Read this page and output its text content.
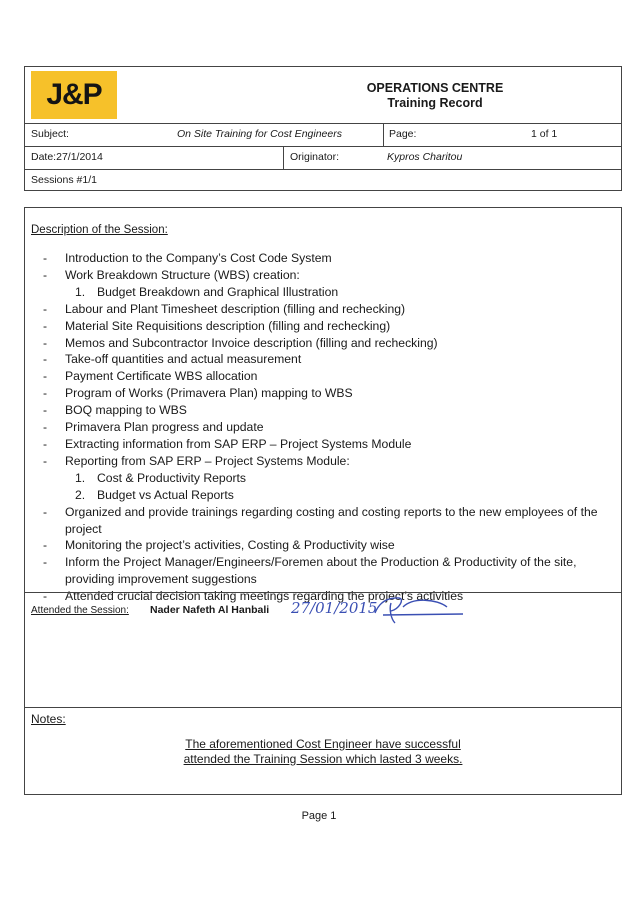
J&P	OPERATIONS CENTRE
Training Record
Subject:	On Site Training for Cost Engineers	Page:	1 of 1
Date:27/1/2014	Originator:	Kypros Charitou
Sessions #1/1
Description of the Session:
- Introduction to the Company’s Cost Code System
- Work Breakdown Structure (WBS) creation:
1. Budget Breakdown and Graphical Illustration
- Labour and Plant Timesheet description (filling and rechecking)
- Material Site Requisitions description (filling and rechecking)
- Memos and Subcontractor Invoice description (filling and rechecking)
- Take-off quantities and actual measurement
- Payment Certificate WBS allocation
- Program of Works (Primavera Plan) mapping to WBS
- BOQ mapping to WBS
- Primavera Plan progress and update
- Extracting information from SAP ERP – Project Systems Module
- Reporting from SAP ERP – Project Systems Module:
1. Cost & Productivity Reports
2. Budget vs Actual Reports
- Organized and provide trainings regarding costing and costing reports to the new employees of the project
- Monitoring the project’s activities, Costing & Productivity wise
- Inform the Project Manager/Engineers/Foremen about the Production & Productivity of the site, providing improvement suggestions
- Attended crucial decision taking meetings regarding the project’s activities
Attended the Session: Nader Nafeth Al Hanbali 27/01/2015
Notes:
The aforementioned Cost Engineer have successful
attended the Training Session which lasted 3 weeks.
Page 1
